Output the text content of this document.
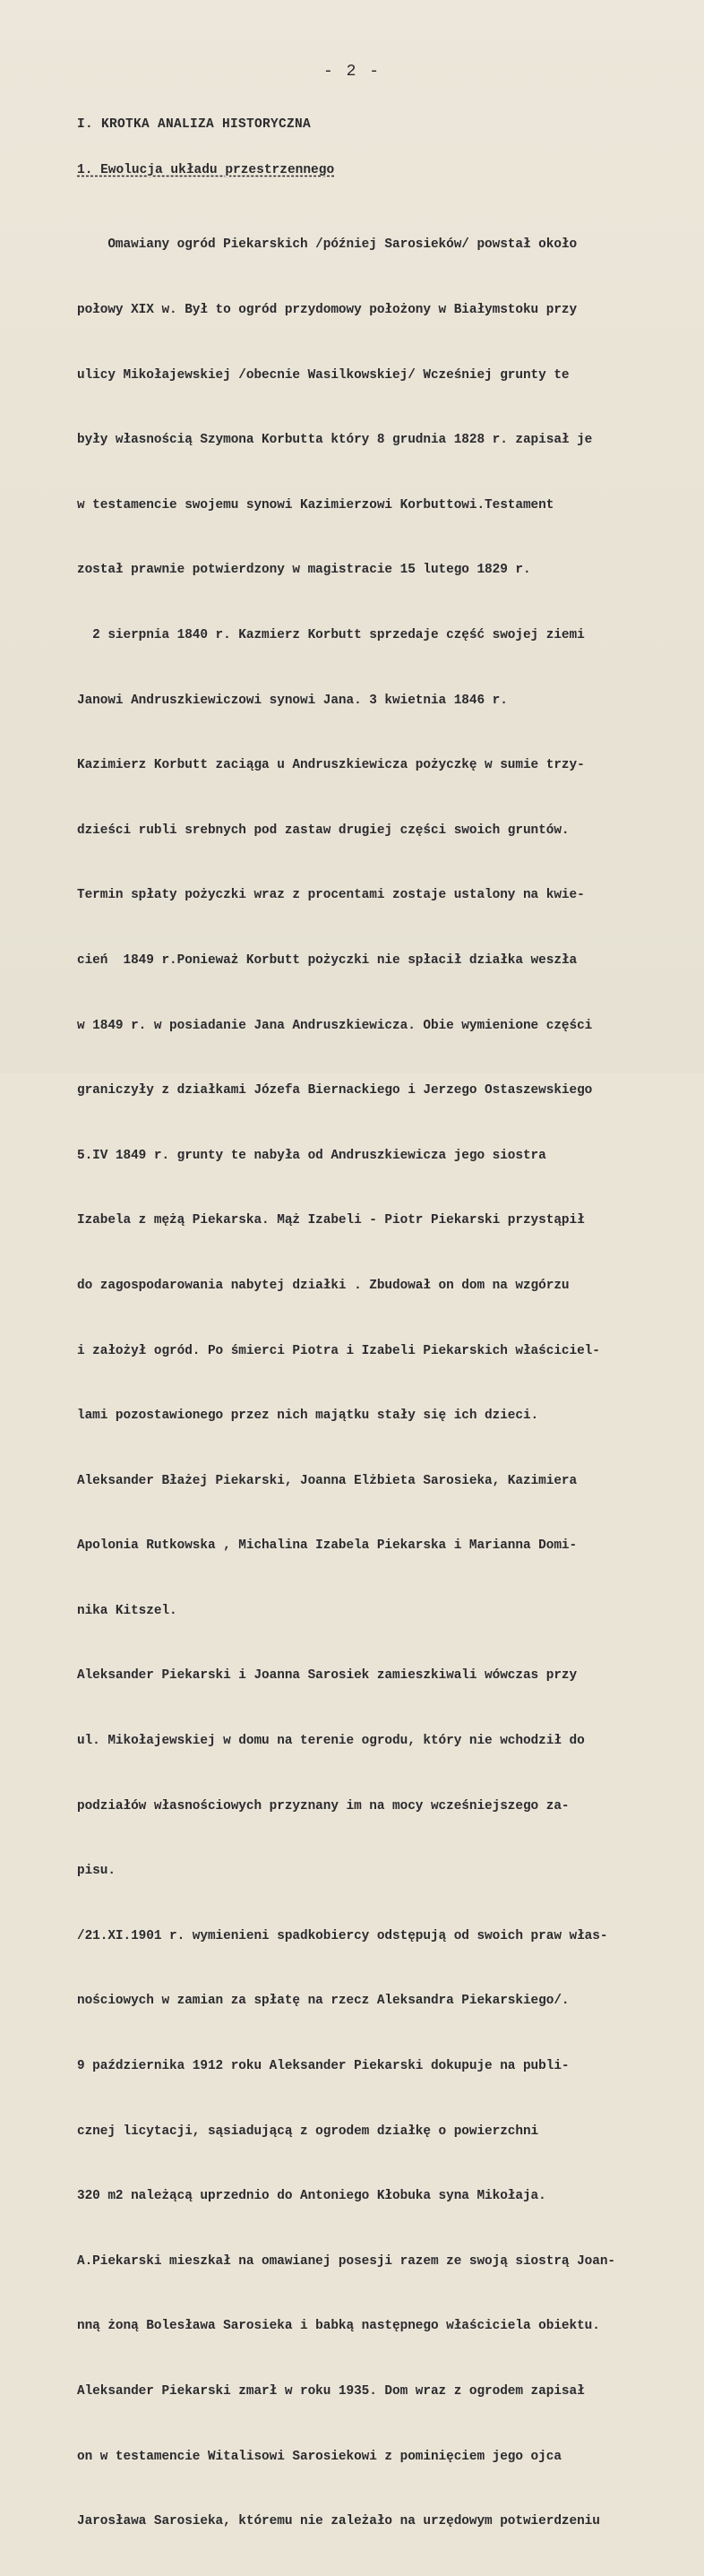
- 2 -
I. KROTKA ANALIZA HISTORYCZNA
1. Ewolucja układu przestrzennego

Omawiany ogród Piekarskich /później Sarosieków/ powstał około

połowy XIX w. Był to ogród przydomowy położony w Białymstoku przy

ulicy Mikołajewskiej /obecnie Wasilkowskiej/ Wcześniej grunty te

były własnością Szymona Korbutta który 8 grudnia 1828 r. zapisał je

w testamencie swojemu synowi Kazimierzowi Korbuttowi.Testament

został prawnie potwierdzony w magistracie 15 lutego 1829 r.

2 sierpnia 1840 r. Kazmierz Korbutt sprzedaje część swojej ziemi

Janowi Andruszkiewiczowi synowi Jana. 3 kwietnia 1846 r.

Kazimierz Korbutt zaciąga u Andruszkiewicza pożyczkę w sumie trzy-

dzieści rubli srebnych pod zastaw drugiej części swoich gruntów.

Termin spłaty pożyczki wraz z procentami zostaje ustalony na kwie-

cień  1849 r.Ponieważ Korbutt pożyczki nie spłacił działka weszła

w 1849 r. w posiadanie Jana Andruszkiewicza. Obie wymienione części

graniczyły z działkami Józefa Biernackiego i Jerzego Ostaszewskiego

5.IV 1849 r. grunty te nabyła od Andruszkiewicza jego siostra

Izabela z mężą Piekarska. Mąż Izabeli - Piotr Piekarski przystąpił

do zagospodarowania nabytej działki . Zbudował on dom na wzgórzu

i założył ogród. Po śmierci Piotra i Izabeli Piekarskich właściciel-

lami pozostawionego przez nich majątku stały się ich dzieci.

Aleksander Błażej Piekarski, Joanna Elżbieta Sarosieka, Kazimiera

Apolonia Rutkowska , Michalina Izabela Piekarska i Marianna Domi-

nika Kitszel.

Aleksander Piekarski i Joanna Sarosiek zamieszkiwali wówczas przy

ul. Mikołajewskiej w domu na terenie ogrodu, który nie wchodził do

podziałów własnościowych przyznany im na mocy wcześniejszego za-

pisu.

/21.XI.1901 r. wymienieni spadkobiercy odstępują od swoich praw włas-

nościowych w zamian za spłatę na rzecz Aleksandra Piekarskiego/.

9 października 1912 roku Aleksander Piekarski dokupuje na publi-

cznej licytacji, sąsiadującą z ogrodem działkę o powierzchni

320 m2 należącą uprzednio do Antoniego Kłobuka syna Mikołaja.

A.Piekarski mieszkał na omawianej posesji razem ze swoją siostrą Joan-

nną żoną Bolesława Sarosieka i babką następnego właściciela obiektu.

Aleksander Piekarski zmarł w roku 1935. Dom wraz z ogrodem zapisał

on w testamencie Witalisowi Sarosiekowi z pominięciem jego ojca

Jarosława Sarosieka, któremu nie zależało na urzędowym potwierdzeniu
